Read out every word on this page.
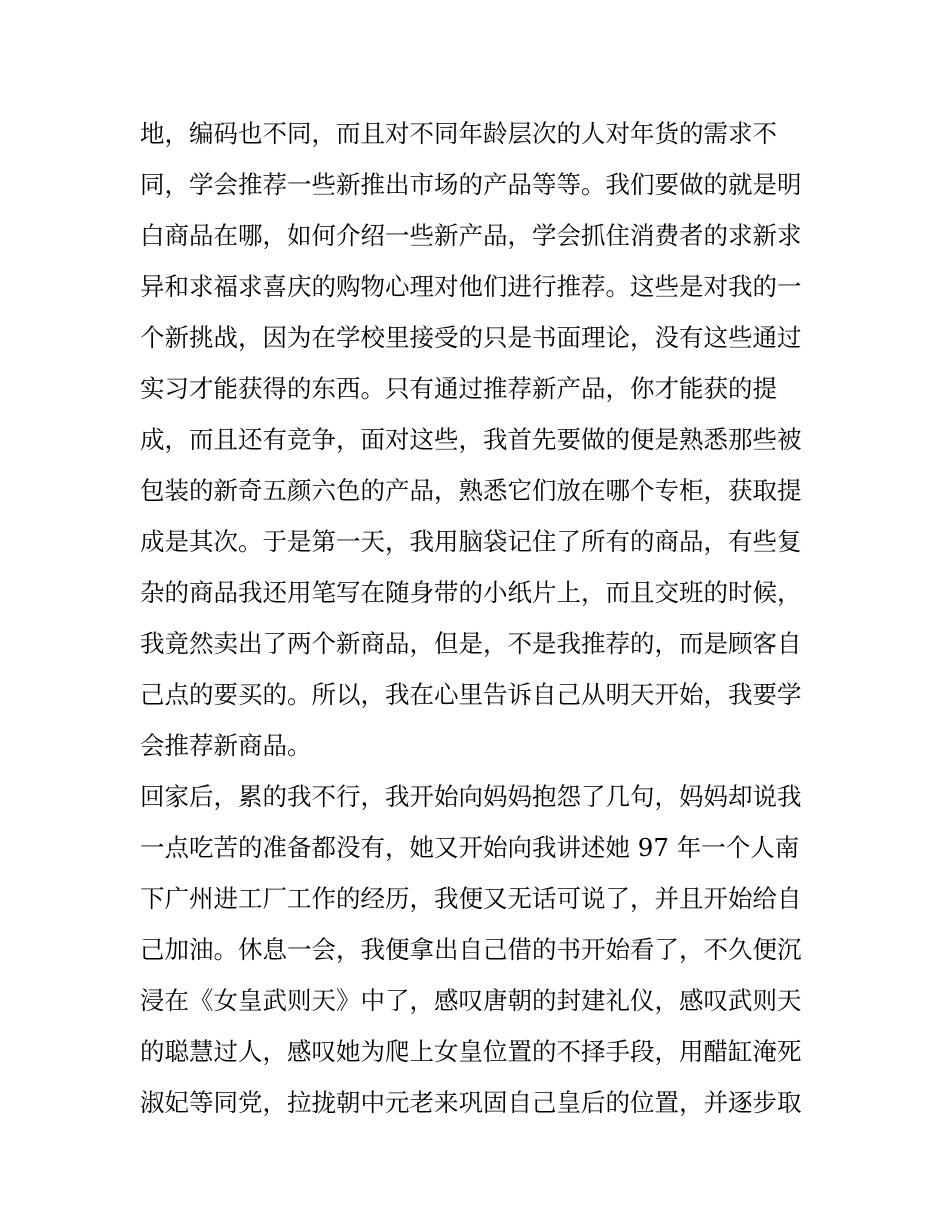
地，编码也不同，而且对不同年龄层次的人对年货的需求不
同，学会推荐一些新推出市场的产品等等。我们要做的就是明
白商品在哪，如何介绍一些新产品，学会抓住消费者的求新求
异和求福求喜庆的购物心理对他们进行推荐。这些是对我的一
个新挑战，因为在学校里接受的只是书面理论，没有这些通过
实习才能获得的东西。只有通过推荐新产品，你才能获的提
成，而且还有竞争，面对这些，我首先要做的便是熟悉那些被
包装的新奇五颜六色的产品，熟悉它们放在哪个专柜，获取提
成是其次。于是第一天，我用脑袋记住了所有的商品，有些复
杂的商品我还用笔写在随身带的小纸片上，而且交班的时候，
我竟然卖出了两个新商品，但是，不是我推荐的，而是顾客自
己点的要买的。所以，我在心里告诉自己从明天开始，我要学
会推荐新商品。
回家后，累的我不行，我开始向妈妈抱怨了几句，妈妈却说我
一点吃苦的准备都没有，她又开始向我讲述她 97 年一个人南
下广州进工厂工作的经历，我便又无话可说了，并且开始给自
己加油。休息一会，我便拿出自己借的书开始看了，不久便沉
浸在《女皇武则天》中了，感叹唐朝的封建礼仪，感叹武则天
的聪慧过人，感叹她为爬上女皇位置的不择手段，用醋缸淹死
淑妃等同党，拉拢朝中元老来巩固自己皇后的位置，并逐步取
